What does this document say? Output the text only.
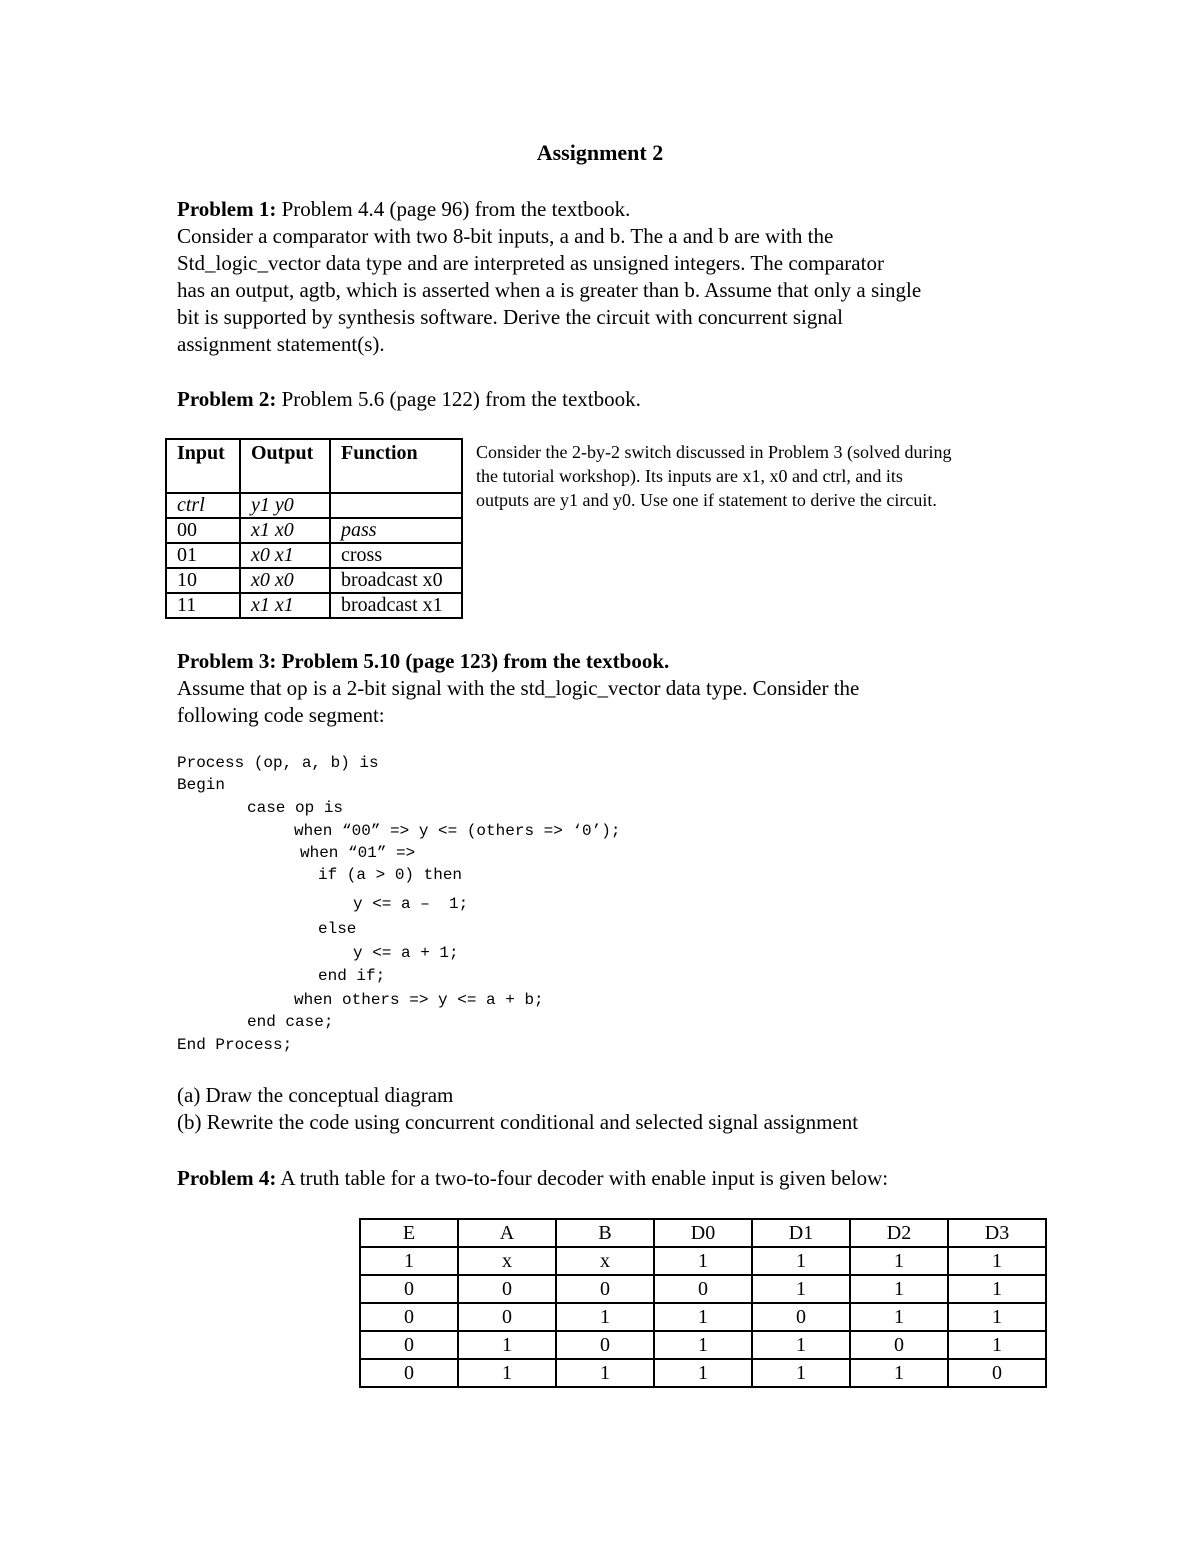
Assignment 2
Problem 1: Problem 4.4 (page 96) from the textbook.
Consider a comparator with two 8-bit inputs, a and b. The a and b are with the
Std_logic_vector data type and are interpreted as unsigned integers. The comparator
has an output, agtb, which is asserted when a is greater than b. Assume that only a single
bit is supported by synthesis software. Derive the circuit with concurrent signal
assignment statement(s).
Problem 2: Problem 5.6 (page 122) from the textbook.
Input	Output	Function
ctrl	y1 y0	
00	x1 x0	pass
01	x0 x1	cross
10	x0 x0	broadcast x0
11	x1 x1	broadcast x1
Consider the 2-by-2 switch discussed in Problem 3 (solved during
the tutorial workshop). Its inputs are x1, x0 and ctrl, and its
outputs are y1 and y0. Use one if statement to derive the circuit.
Problem 3: Problem 5.10 (page 123) from the textbook.
Assume that op is a 2-bit signal with the std_logic_vector data type. Consider the
following code segment:

Process (op, a, b) is

Begin

case op is

when “00” => y <= (others => ‘0’);

when “01” =>

if (a > 0) then

y <= a –  1;

else

y <= a + 1;

end if;

when others => y <= a + b;

end case;

End Process;

(a) Draw the conceptual diagram
(b) Rewrite the code using concurrent conditional and selected signal assignment
Problem 4: A truth table for a two-to-four decoder with enable input is given below:
E	A	B	D0	D1	D2	D3
1	x	x	1	1	1	1
0	0	0	0	1	1	1
0	0	1	1	0	1	1
0	1	0	1	1	0	1
0	1	1	1	1	1	0
